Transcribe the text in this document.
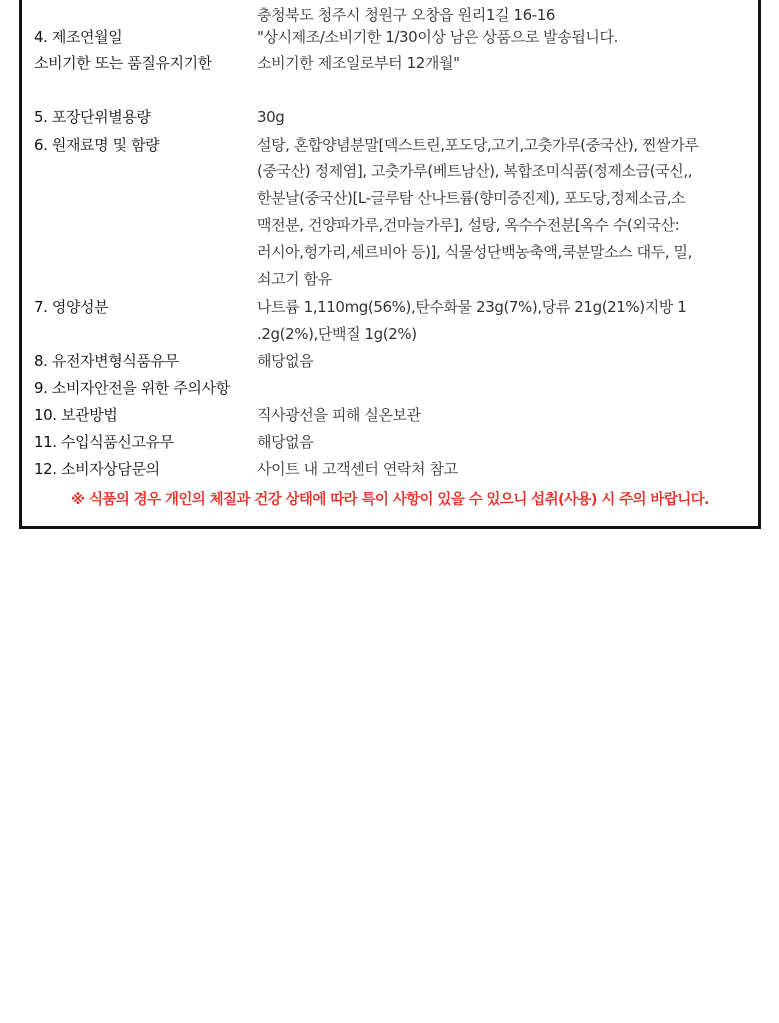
충청북도 청주시 청원구 오창읍 원리1길 16-16
4. 제조연월일	"상시제조/소비기한 1/30이상 남은 상품으로 발송됩니다.
소비기한 또는 품질유지기한	소비기한 제조일로부터 12개월"
5. 포장단위별용량	30g
6. 원재료명 및 함량	설탕, 혼합양념분말[덱스트린,포도당,고기,고춧가루(중국산), 찐쌀가루
(중국산) 정제염], 고춧가루(베트남산), 복합조미식품(정제소금(국신,,
한분날(중국산)[L-글루탐 산나트륨(향미증진제), 포도당,정제소금,소
맥전분, 건양파가루,건마늘가루], 설탕, 옥수수전분[옥수 수(외국산:
러시아,헝가리,세르비아 등)], 식물성단백농축액,쿡분말소스 대두, 밀,
쇠고기 함유
7. 영양성분	나트륨 1,110mg(56%),탄수화물 23g(7%),당류 21g(21%)지방 1
.2g(2%),단백질 1g(2%)
8. 유전자변형식품유무	해당없음
9. 소비자안전을 위한 주의사항
10. 보관방법	직사광선을 피해 실온보관
11. 수입식품신고유무	해당없음
12. 소비자상담문의	사이트 내 고객센터 연락처 참고
※ 식품의 경우 개인의 체질과 건강 상태에 따라 특이 사항이 있을 수 있으니 섭취(사용) 시 주의 바랍니다.
